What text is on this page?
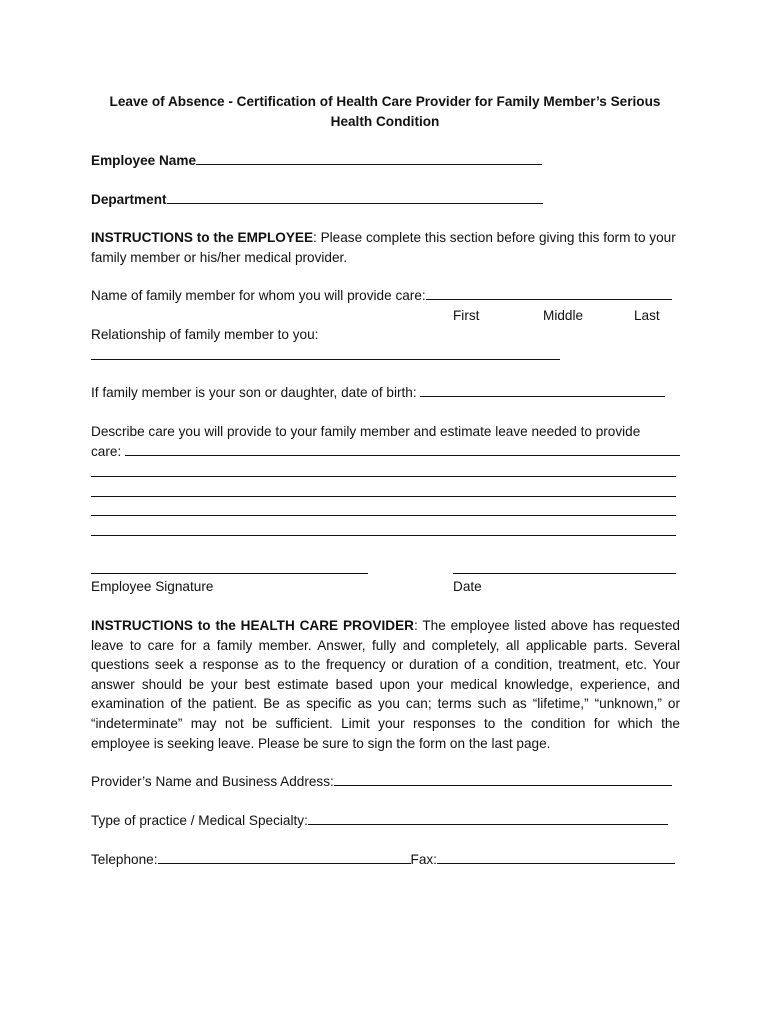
Leave of Absence - Certification of Health Care Provider for Family Member’s Serious
Health Condition
Employee Name
Department
INSTRUCTIONS to the EMPLOYEE: Please complete this section before giving this form to your family member or his/her medical provider.
Name of family member for whom you will provide care:
First	Middle	Last
Relationship of family member to you:
If family member is your son or daughter, date of birth:
Describe care you will provide to your family member and estimate leave needed to provide
care:
Employee Signature	Date
INSTRUCTIONS to the HEALTH CARE PROVIDER: The employee listed above has requested leave to care for a family member. Answer, fully and completely, all applicable parts. Several questions seek a response as to the frequency or duration of a condition, treatment, etc. Your answer should be your best estimate based upon your medical knowledge, experience, and examination of the patient. Be as specific as you can; terms such as “lifetime,” “unknown,” or “indeterminate” may not be sufficient. Limit your responses to the condition for which the employee is seeking leave. Please be sure to sign the form on the last page.
Provider’s Name and Business Address:
Type of practice / Medical Specialty:
Telephone:	Fax:
